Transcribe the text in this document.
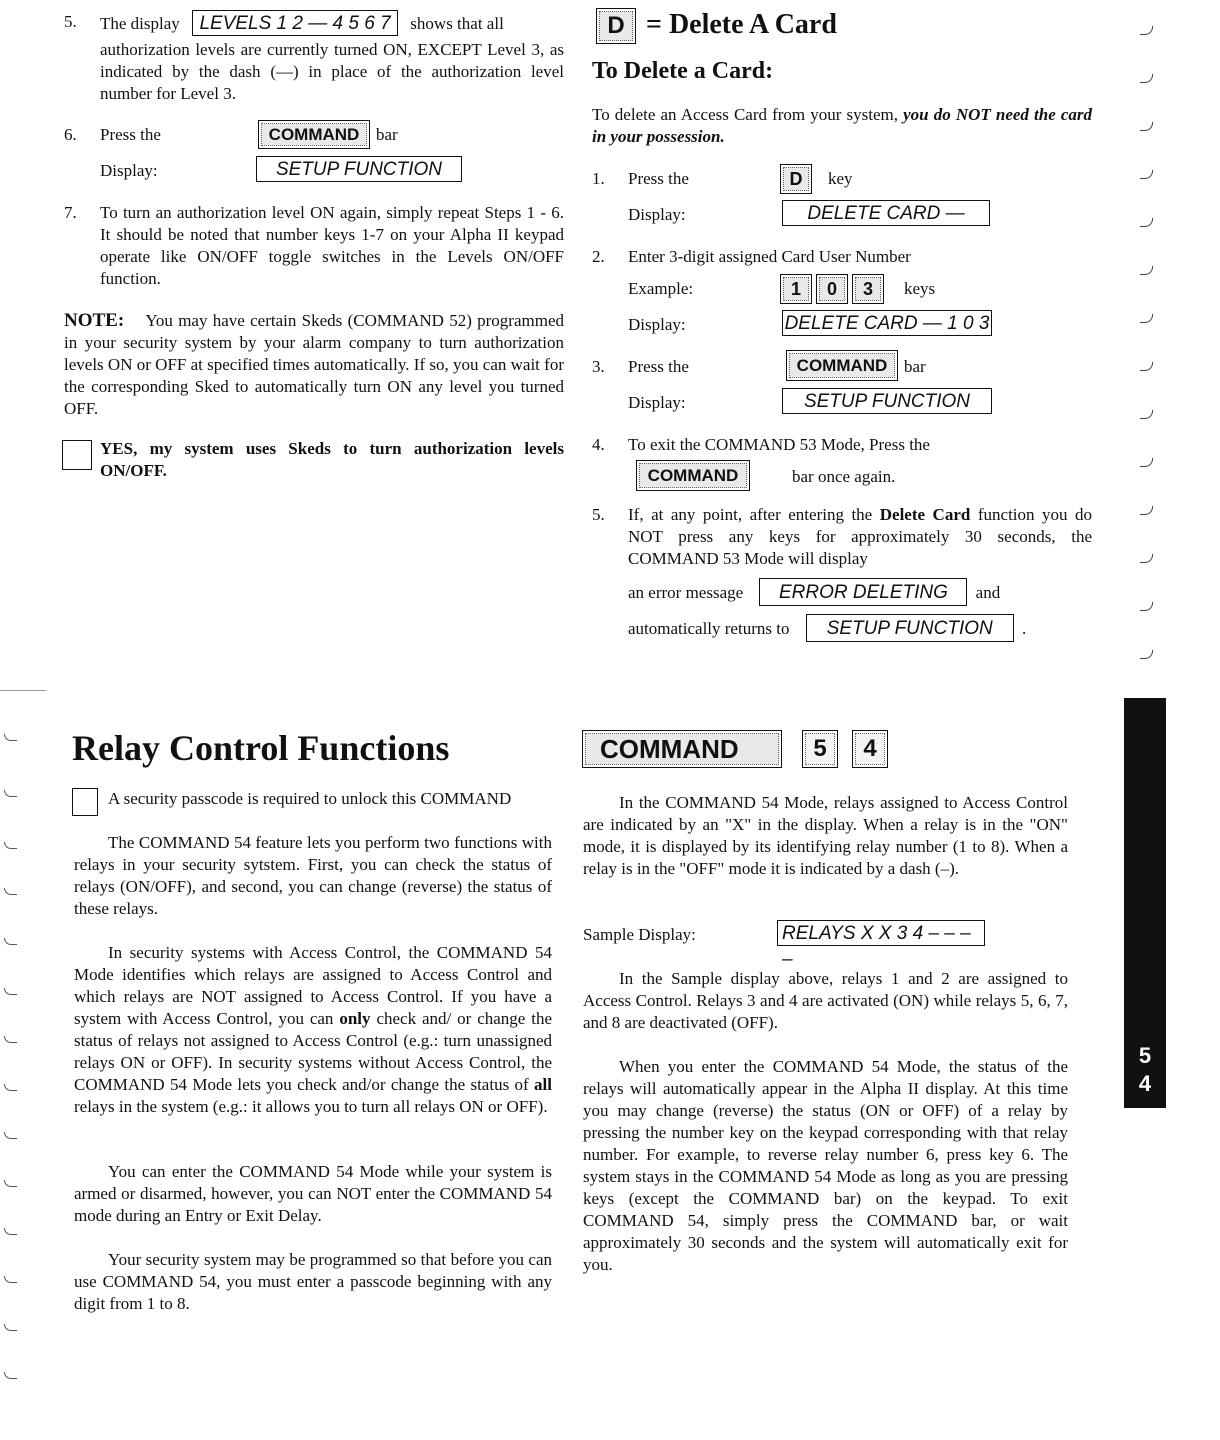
5. The display LEVELS 1 2 — 4 5 6 7 shows that all

authorization levels are currently turned ON, EXCEPT Level 3, as indicated by the dash (—) in place of the authorization level number for Level 3.

6. Press the	COMMAND bar
Display:	SETUP FUNCTION
7. To turn an authorization level ON again, simply repeat Steps 1 - 6. It should be noted that number keys 1-7 on your Alpha II keypad operate like ON/OFF toggle switches in the Levels ON/OFF function.

NOTE: You may have certain Skeds (COMMAND 52) programmed in your security system by your alarm company to turn authorization levels ON or OFF at specified times automatically. If so, you can wait for the corresponding Sked to automatically turn ON any level you turned OFF.

YES, my system uses Skeds to turn authorization levels ON/OFF.

D = Delete A Card
To Delete a Card:

To delete an Access Card from your system, you do NOT need the card in your possession.

1. Press the	D	key
Display:	DELETE CARD —
2. Enter 3-digit assigned Card User Number
Example:	1	0	3	keys
Display:	DELETE CARD — 1 0 3
3. Press the	COMMAND bar
Display:	SETUP FUNCTION
4. To exit the COMMAND 53 Mode, Press the
COMMAND	bar once again.
5. If, at any point, after entering the Delete Card function you do NOT press any keys for approximately 30 seconds, the COMMAND 53 Mode will display

an error message ERROR DELETING and
automatically returns to SETUP FUNCTION .
Relay Control Functions
A security passcode is required to unlock this COMMAND

The COMMAND 54 feature lets you perform two functions with relays in your security sytstem. First, you can check the status of relays (ON/OFF), and second, you can change (reverse) the status of these relays.

In security systems with Access Control, the COMMAND 54 Mode identifies which relays are assigned to Access Control and which relays are NOT assigned to Access Control. If you have a system with Access Control, you can only check and/ or change the status of relays not assigned to Access Control (e.g.: turn unassigned relays ON or OFF). In security systems without Access Control, the COMMAND 54 Mode lets you check and/or change the status of all relays in the system (e.g.: it allows you to turn all relays ON or OFF).

You can enter the COMMAND 54 Mode while your system is armed or disarmed, however, you can NOT enter the COMMAND 54 mode during an Entry or Exit Delay.

Your security system may be programmed so that before you can use COMMAND 54, you must enter a passcode beginning with any digit from 1 to 8.

COMMAND	5	4

In the COMMAND 54 Mode, relays assigned to Access Control are indicated by an "X" in the display. When a relay is in the "ON" mode, it is displayed by its identifying relay number (1 to 8). When a relay is in the "OFF" mode it is indicated by a dash (–).

Sample Display:	RELAYS X X 3 4 – – – –

In the Sample display above, relays 1 and 2 are assigned to Access Control. Relays 3 and 4 are activated (ON) while relays 5, 6, 7, and 8 are deactivated (OFF).

When you enter the COMMAND 54 Mode, the status of the relays will automatically appear in the Alpha II display. At this time you may change (reverse) the status (ON or OFF) of a relay by pressing the number key on the keypad corresponding with that relay number. For example, to reverse relay number 6, press key 6. The system stays in the COMMAND 54 Mode as long as you are pressing keys (except the COMMAND bar) on the keypad. To exit COMMAND 54, simply press the COMMAND bar, or wait approximately 30 seconds and the system will automatically exit for you.

5
4
